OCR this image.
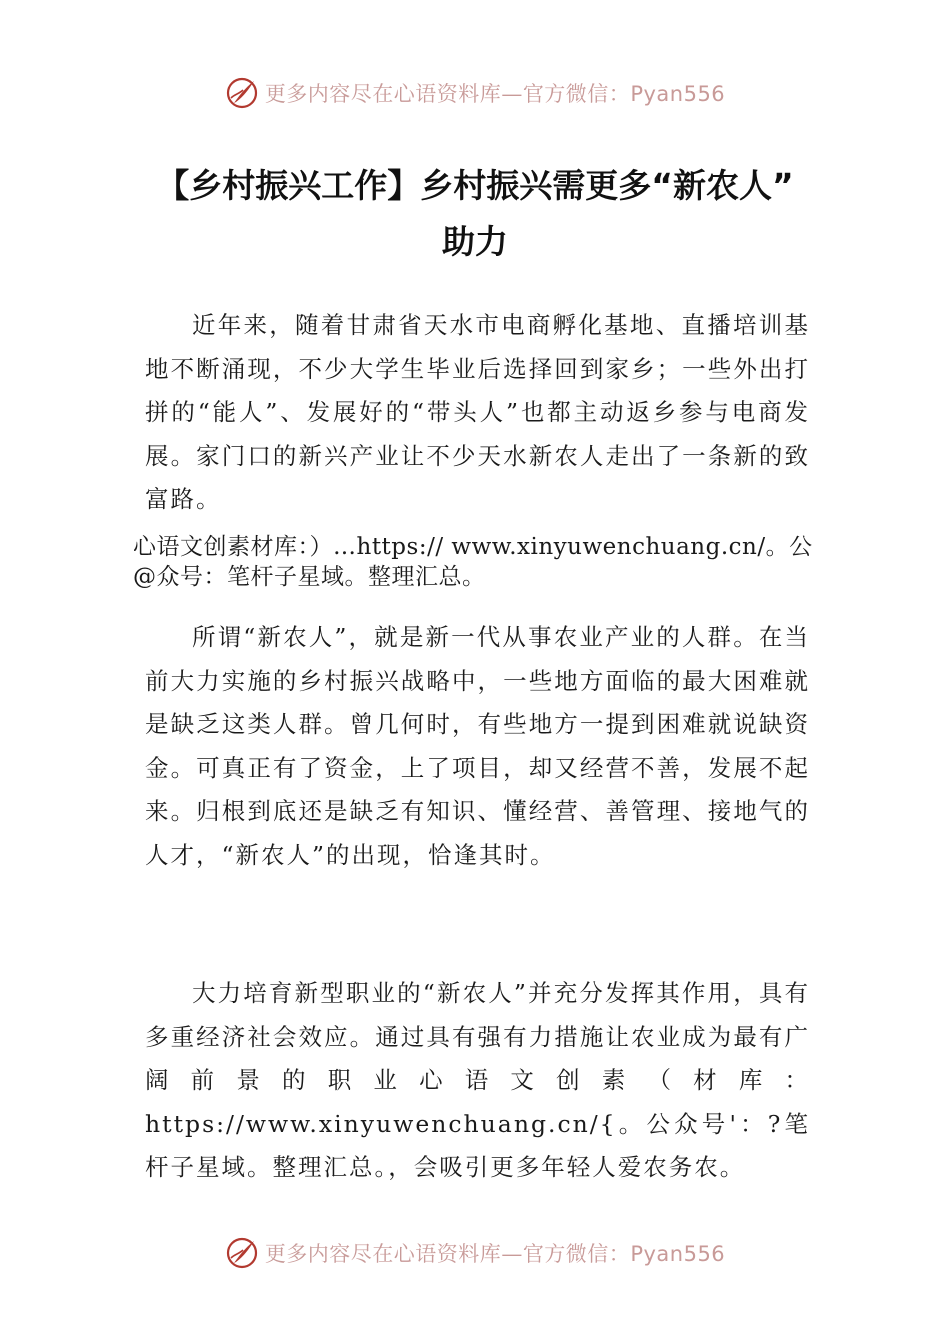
更多内容尽在心语资料库—官方微信：Pyan556
【乡村振兴工作】乡村振兴需更多“新农人”
助力

近年来，随着甘肃省天水市电商孵化基地、直播培训基地不断涌现，不少大学生毕业后选择回到家乡；一些外出打拼的“能人”、发展好的“带头人”也都主动返乡参与电商发展。家门口的新兴产业让不少天水新农人走出了一条新的致富路。

心语文创素材库：）…https:// www.xinyuwenchuang.cn/。公@众号：笔杆子星域。整理汇总。

所谓“新农人”，就是新一代从事农业产业的人群。在当前大力实施的乡村振兴战略中，一些地方面临的最大困难就是缺乏这类人群。曾几何时，有些地方一提到困难就说缺资金。可真正有了资金，上了项目，却又经营不善，发展不起来。归根到底还是缺乏有知识、懂经营、善管理、接地气的人才，“新农人”的出现，恰逢其时。

大力培育新型职业的“新农人”并充分发挥其作用，具有多重经济社会效应。通过具有强有力措施让农业成为最有广阔前景的职业心语文创素（材库：https://www.xinyuwenchuang.cn/{。公众号'：?笔杆子星域。整理汇总。，会吸引更多年轻人爱农务农。

更多内容尽在心语资料库—官方微信：Pyan556
